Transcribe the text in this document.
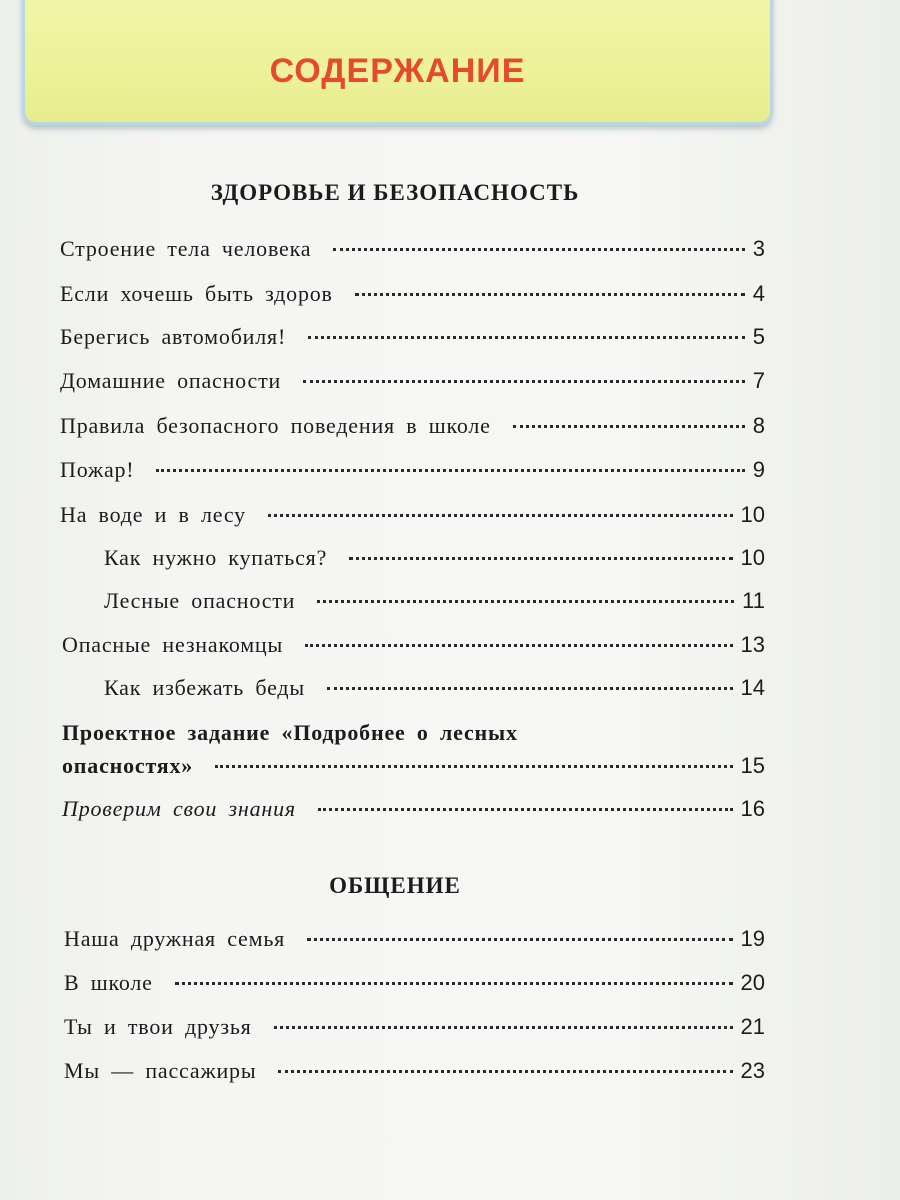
СОДЕРЖАНИЕ
ЗДОРОВЬЕ И БЕЗОПАСНОСТЬ
Строение тела человека	3
Если хочешь быть здоров	4
Берегись автомобиля!	5
Домашние опасности	7
Правила безопасного поведения в школе	8
Пожар!	9
На воде и в лесу	10
Как нужно купаться?	10
Лесные опасности	11
Опасные незнакомцы	13
Как избежать беды	14
Проектное задание «Подробнее о лесных
опасностях»	15
Проверим свои знания	16
ОБЩЕНИЕ
Наша дружная семья	19
В школе	20
Ты и твои друзья	21
Мы — пассажиры	23
